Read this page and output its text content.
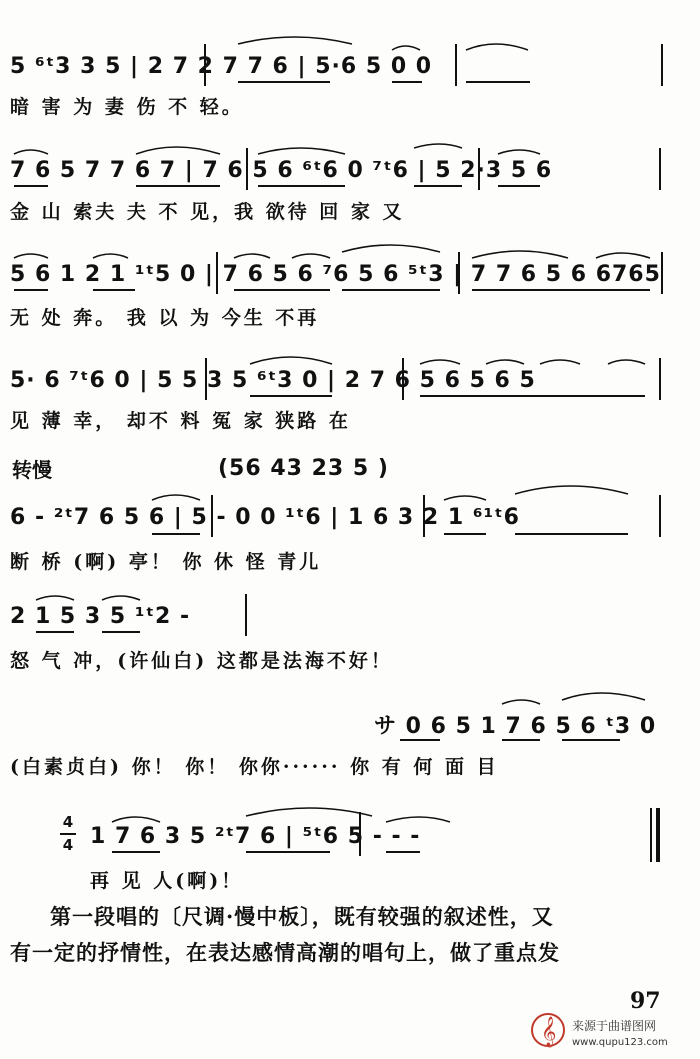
5 ⁶ᵗ3 3 5 | 2 7 2 7 7 6 | 5·6 5 0 0
暗 害 为 妻 伤 不 轻。
7 6 5 7 7 6 7 | 7 6 5 6 ⁶ᵗ6 0 ⁷ᵗ6 | 5 2·3 5 6
金 山 索夫 夫 不 见，我 欲待 回 家 又
5 6 1 2 1 ¹ᵗ5 0 | 7 6 5 6 ⁷6 5 6 ⁵ᵗ3 | 7 7 6 5 6 6765
无 处 奔。 我 以 为 今生 不再
5· 6 ⁷ᵗ6 0 | 5 5 3 5 ⁶ᵗ3 0 | 2 7 6 5 6 5 6 5
见 薄 幸， 却不 料 冤 家 狭路 在
转慢	(56 43 23 5 )
6 - ²ᵗ7 6 5 6 | 5 - 0 0 ¹ᵗ6 | 1 6 3 2 1 ⁶¹ᵗ6
断 桥 (啊) 亭！ 你 休 怪 青儿
2 1 5 3 5 ¹ᵗ2 -
怒 气 冲，(许仙白) 这都是法海不好！
サ 0 6 5 1 7 6 5 6 ᵗ3 0
(白素贞白) 你！ 你！ 你你······ 你 有 何 面 目
4
4 1 7 6 3 5 ²ᵗ7 6 | ⁵ᵗ6 5 - - -
再 见 人(啊)！
第一段唱的〔尺调·慢中板〕，既有较强的叙述性，又
有一定的抒情性，在表达感情高潮的唱句上，做了重点发
97
𝄞 来源于曲谱图网
www.qupu123.com
